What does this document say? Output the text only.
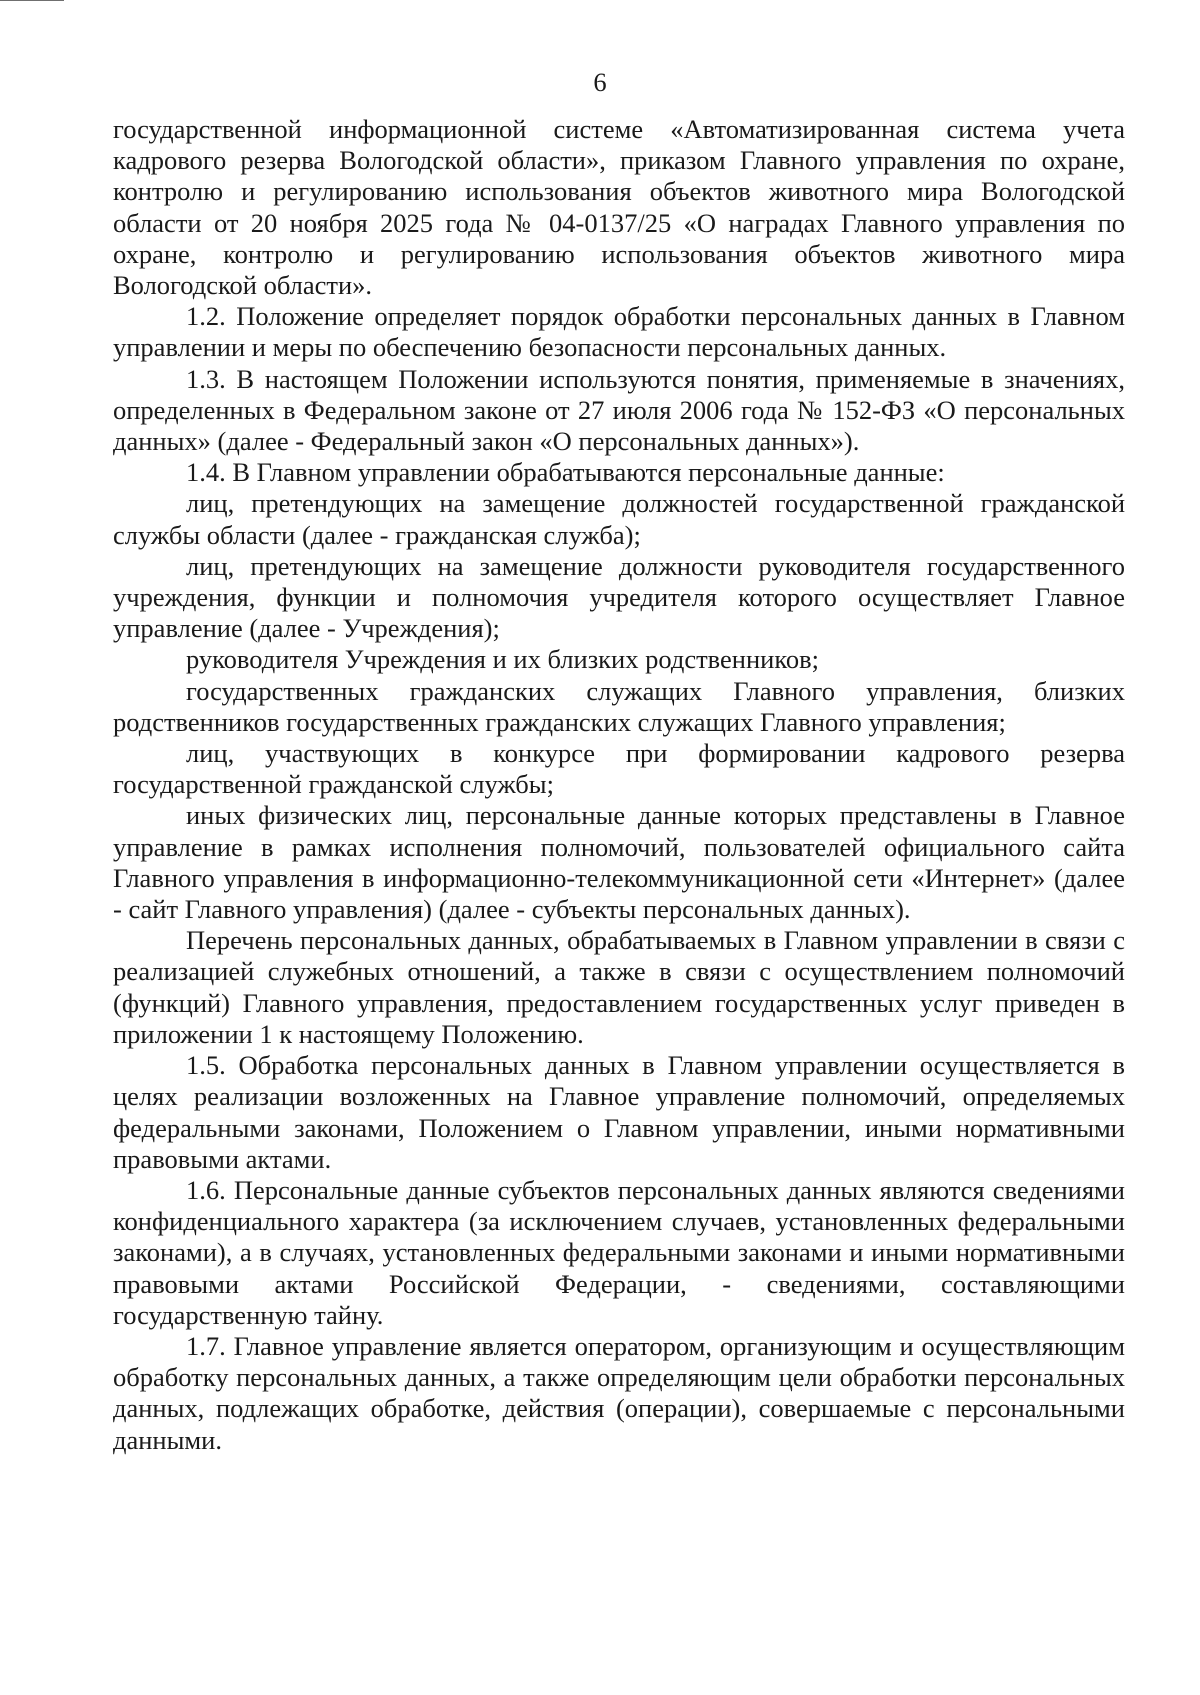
6

государственной информационной системе «Автоматизированная система учета кадрового резерва Вологодской области», приказом Главного управления по охране, контролю и регулированию использования объектов животного мира Вологодской области от 20 ноября 2025 года № 04-0137/25 «О наградах Главного управления по охране, контролю и регулированию использования объектов животного мира Вологодской области».

1.2. Положение определяет порядок обработки персональных данных в Главном управлении и меры по обеспечению безопасности персональных данных.

1.3. В настоящем Положении используются понятия, применяемые в значениях, определенных в Федеральном законе от 27 июля 2006 года № 152-ФЗ «О персональных данных» (далее - Федеральный закон «О персональных данных»).

1.4. В Главном управлении обрабатываются персональные данные:

лиц, претендующих на замещение должностей государственной гражданской службы области (далее - гражданская служба);

лиц, претендующих на замещение должности руководителя государственного учреждения, функции и полномочия учредителя которого осуществляет Главное управление (далее - Учреждения);

руководителя Учреждения и их близких родственников;

государственных гражданских служащих Главного управления, близких родственников государственных гражданских служащих Главного управления;

лиц, участвующих в конкурсе при формировании кадрового резерва государственной гражданской службы;

иных физических лиц, персональные данные которых представлены в Главное управление в рамках исполнения полномочий, пользователей официального сайта Главного управления в информационно-телекоммуникационной сети «Интернет» (далее - сайт Главного управления) (далее - субъекты персональных данных).

Перечень персональных данных, обрабатываемых в Главном управлении в связи с реализацией служебных отношений, а также в связи с осуществлением полномочий (функций) Главного управления, предоставлением государственных услуг приведен в приложении 1 к настоящему Положению.

1.5. Обработка персональных данных в Главном управлении осуществляется в целях реализации возложенных на Главное управление полномочий, определяемых федеральными законами, Положением о Главном управлении, иными нормативными правовыми актами.

1.6. Персональные данные субъектов персональных данных являются сведениями конфиденциального характера (за исключением случаев, установленных федеральными законами), а в случаях, установленных федеральными законами и иными нормативными правовыми актами Российской Федерации, - сведениями, составляющими государственную тайну.

1.7. Главное управление является оператором, организующим и осуществляющим обработку персональных данных, а также определяющим цели обработки персональных данных, подлежащих обработке, действия (операции), совершаемые с персональными данными.
